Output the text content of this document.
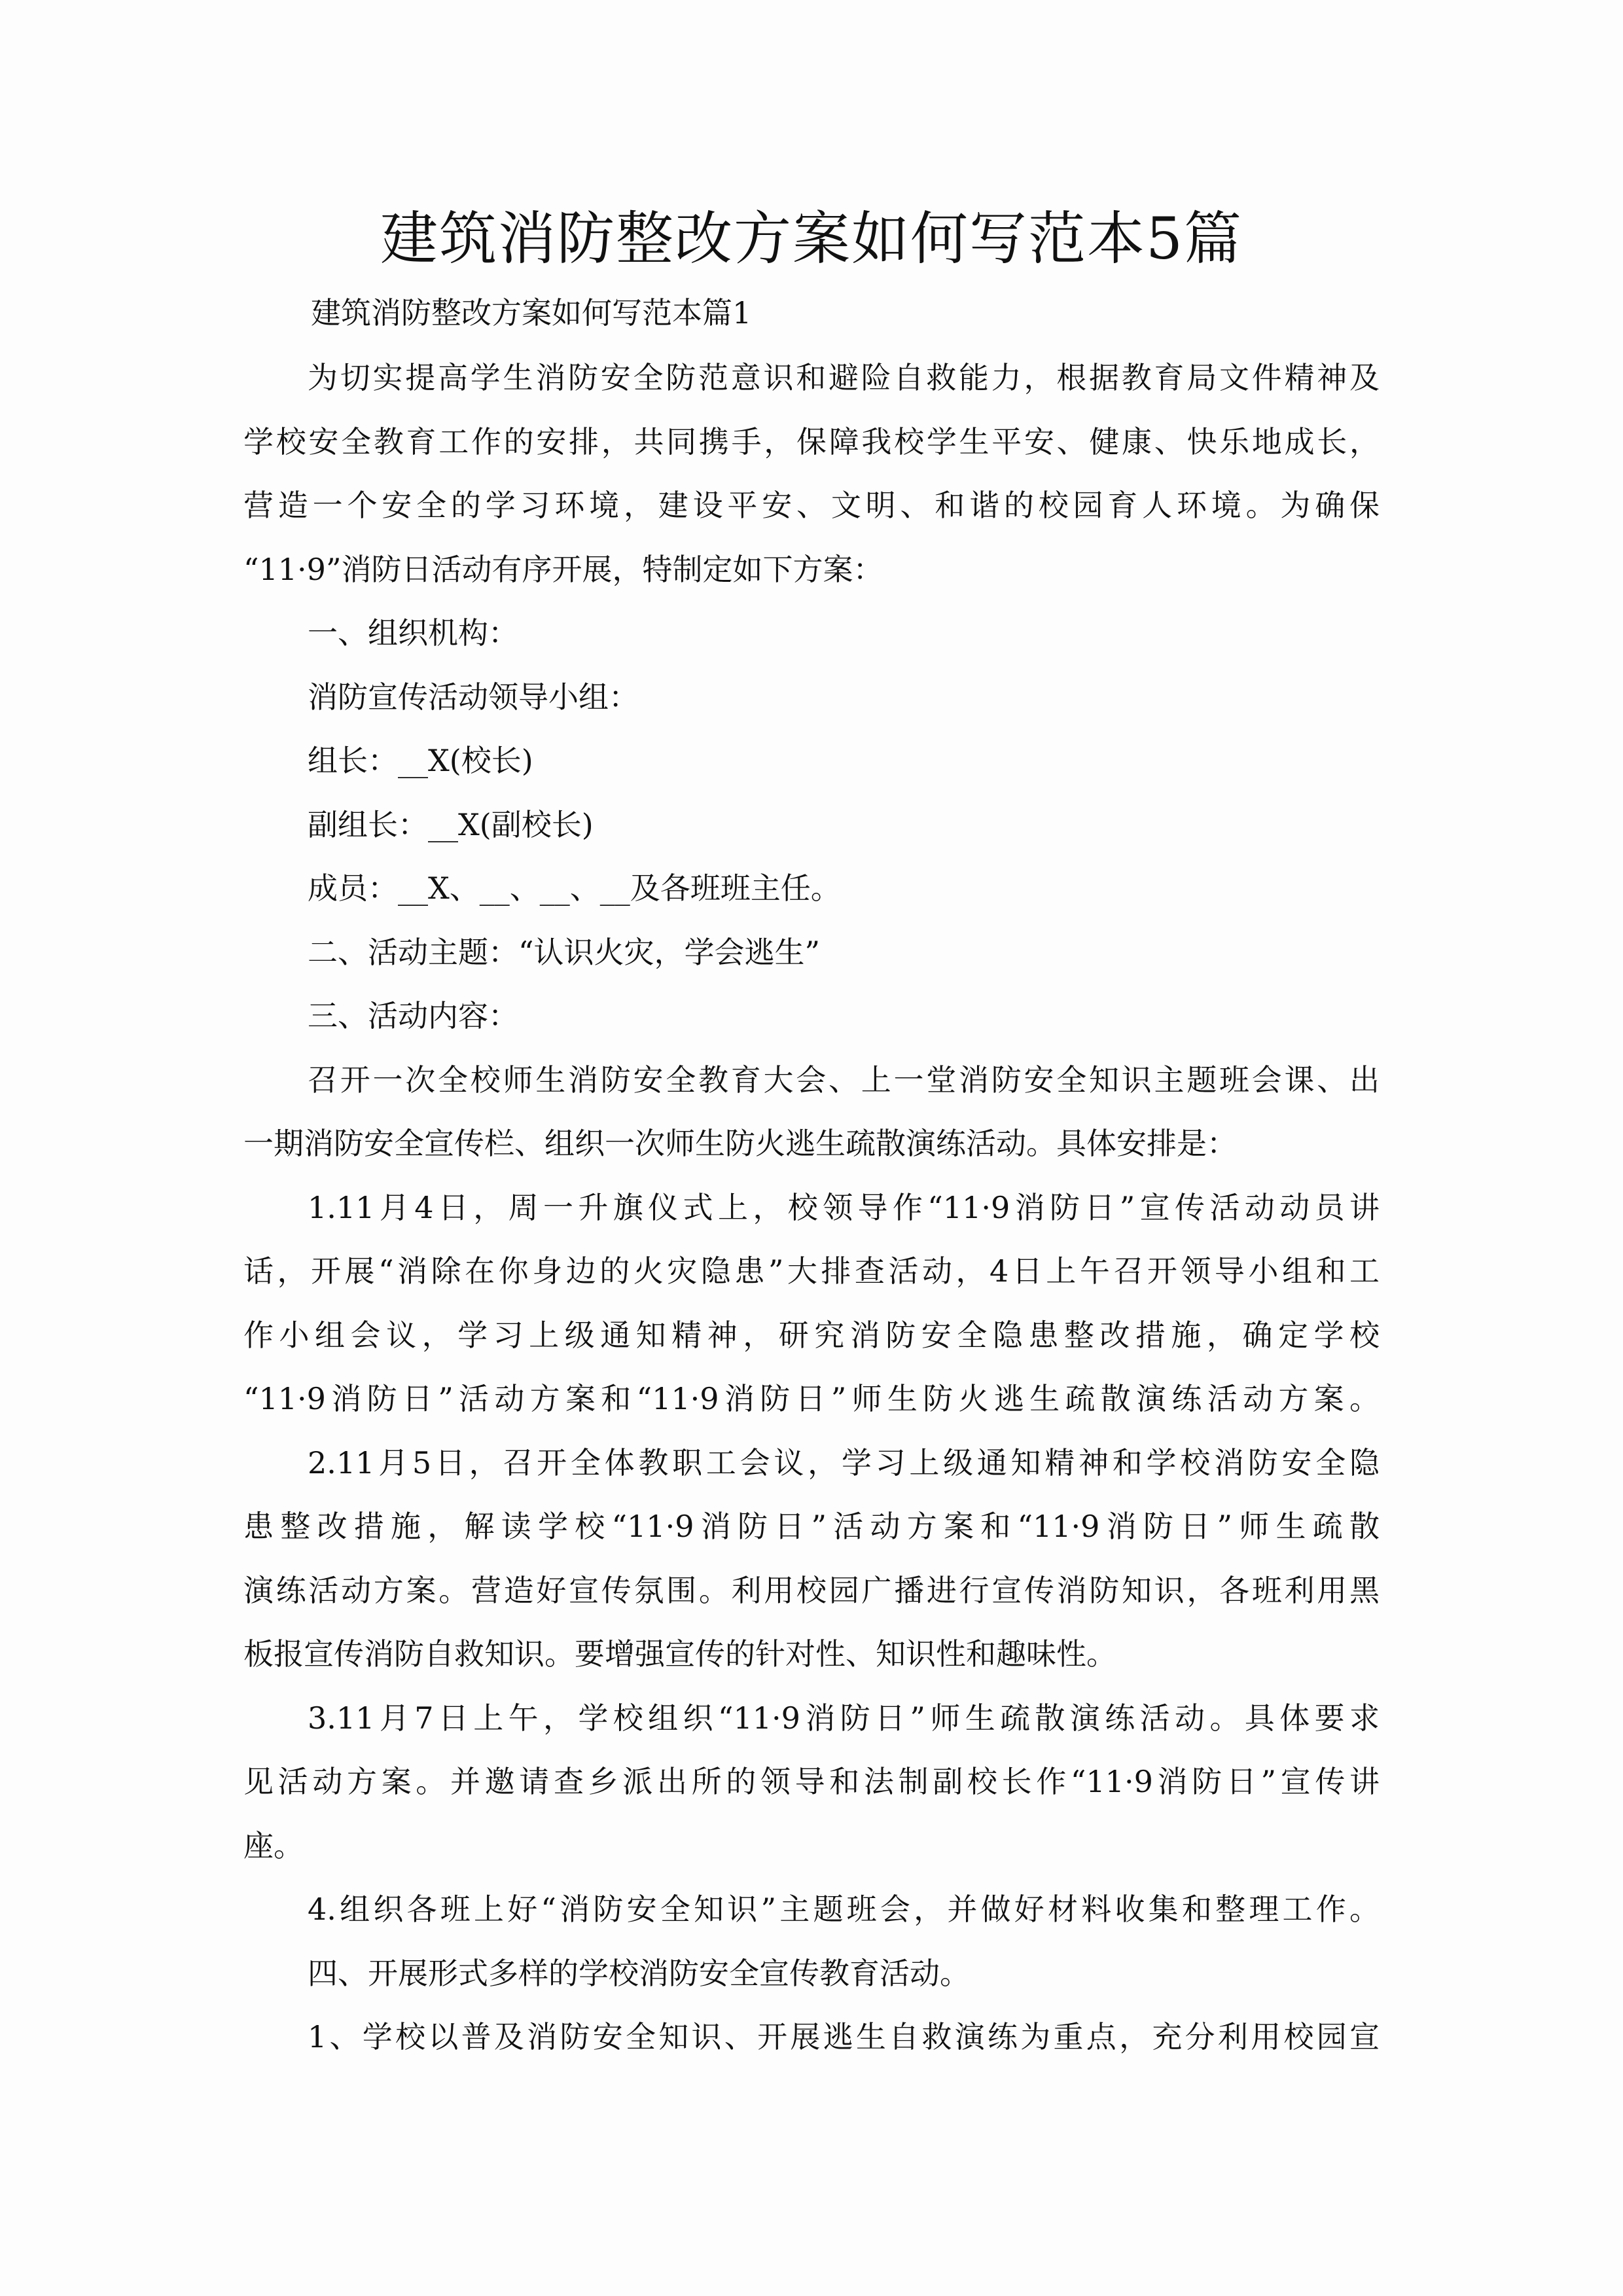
建筑消防整改方案如何写范本5篇
建筑消防整改方案如何写范本篇1
为切实提高学生消防安全防范意识和避险自救能力，根据教育局文件精神及
学校安全教育工作的安排，共同携手，保障我校学生平安、健康、快乐地成长，
营造一个安全的学习环境，建设平安、文明、和谐的校园育人环境。为确保
“11·9”消防日活动有序开展，特制定如下方案：
一、组织机构：
消防宣传活动领导小组：
组长：__X(校长)
副组长：__X(副校长)
成员：__X、__、__、__及各班班主任。
二、活动主题：“认识火灾，学会逃生”
三、活动内容：
召开一次全校师生消防安全教育大会、上一堂消防安全知识主题班会课、出
一期消防安全宣传栏、组织一次师生防火逃生疏散演练活动。具体安排是：
1.11月4日，周一升旗仪式上，校领导作“11·9消防日”宣传活动动员讲
话，开展“消除在你身边的火灾隐患”大排查活动，4日上午召开领导小组和工
作小组会议，学习上级通知精神，研究消防安全隐患整改措施，确定学校
“11·9消防日”活动方案和“11·9消防日”师生防火逃生疏散演练活动方案。
2.11月5日，召开全体教职工会议，学习上级通知精神和学校消防安全隐
患整改措施，解读学校“11·9消防日”活动方案和“11·9消防日”师生疏散
演练活动方案。营造好宣传氛围。利用校园广播进行宣传消防知识，各班利用黑
板报宣传消防自救知识。要增强宣传的针对性、知识性和趣味性。
3.11月7日上午，学校组织“11·9消防日”师生疏散演练活动。具体要求
见活动方案。并邀请查乡派出所的领导和法制副校长作“11·9消防日”宣传讲
座。
4.组织各班上好“消防安全知识”主题班会，并做好材料收集和整理工作。
四、开展形式多样的学校消防安全宣传教育活动。
1、学校以普及消防安全知识、开展逃生自救演练为重点，充分利用校园宣
